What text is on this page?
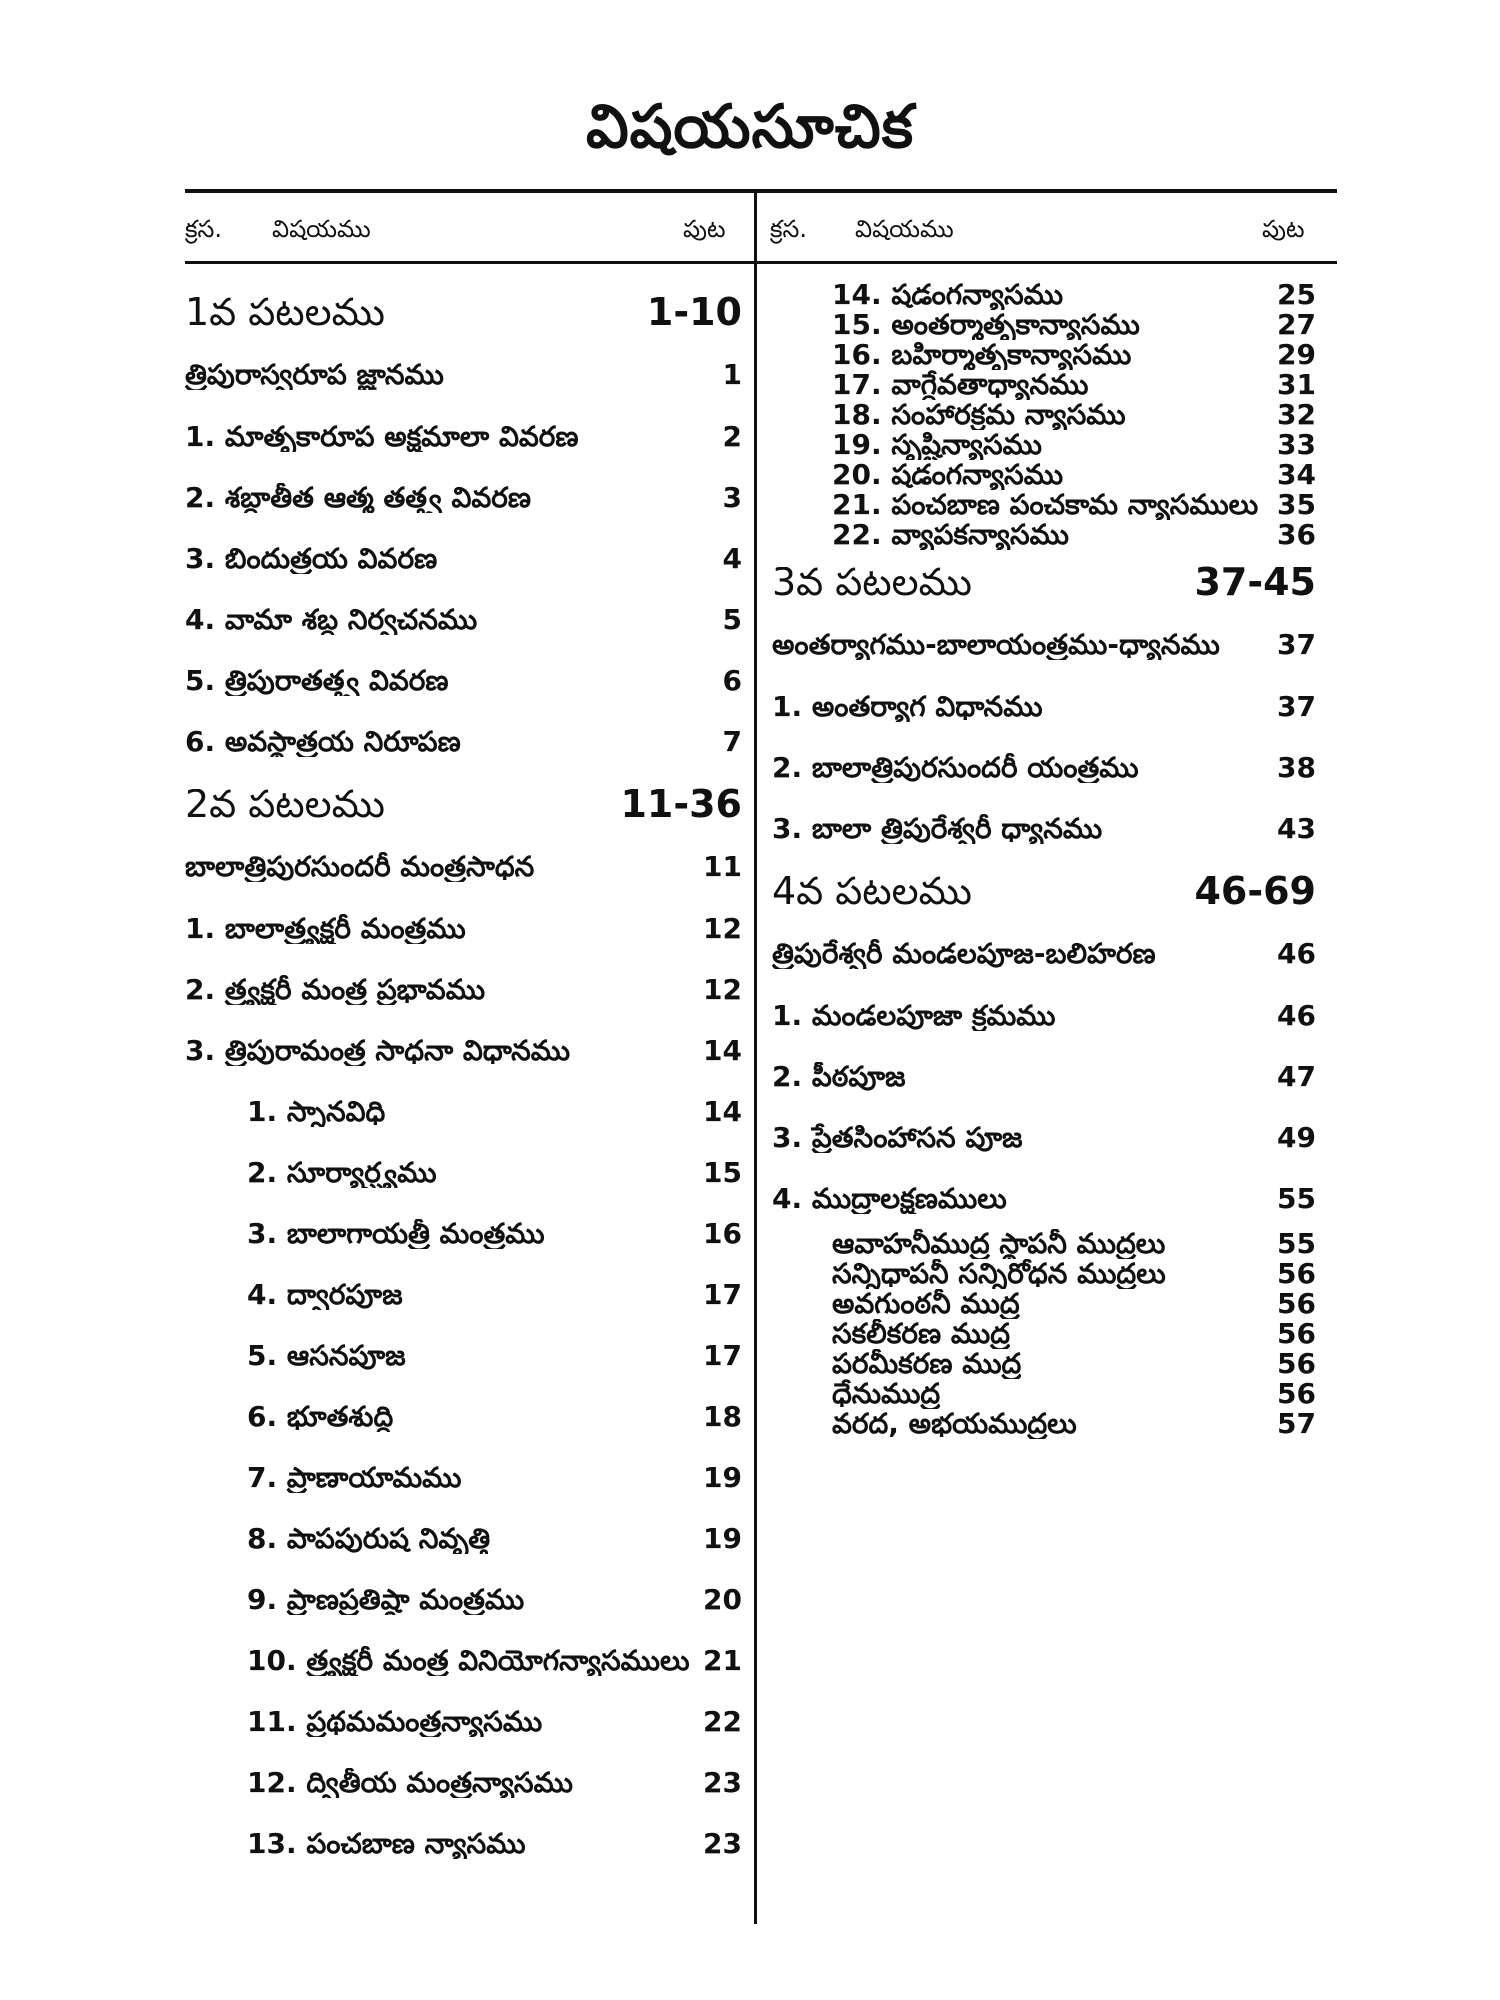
విషయసూచిక
క్రస. విషయము	పుట క్రస. విషయము	పుట
1వ పటలము	1-10
త్రిపురాస్వరూప జ్ఞానము	1
1. మాతృకారూప అక్షమాలా వివరణ	2
2. శబ్దాతీత ఆత్మ తత్త్వ వివరణ	3
3. బిందుత్రయ వివరణ	4
4. వామా శబ్ద నిర్వచనము	5
5. త్రిపురాతత్త్వ వివరణ	6
6. అవస్థాత్రయ నిరూపణ	7
2వ పటలము	11-36
బాలాత్రిపురసుందరీ మంత్రసాధన	11
1. బాలాత్ర్యక్షరీ మంత్రము	12
2. త్ర్యక్షరీ మంత్ర ప్రభావము	12
3. త్రిపురామంత్ర సాధనా విధానము	14
1. స్నానవిధి	14
2. సూర్యార్ఘ్యము	15
3. బాలాగాయత్రీ మంత్రము	16
4. ద్వారపూజ	17
5. ఆసనపూజ	17
6. భూతశుద్ధి	18
7. ప్రాణాయామము	19
8. పాపపురుష నివృత్తి	19
9. ప్రాణప్రతిష్ఠా మంత్రము	20
10. త్ర్యక్షరీ మంత్ర వినియోగన్యాసములు 21
11. ప్రథమమంత్రన్యాసము	22
12. ద్వితీయ మంత్రన్యాసము	23
13. పంచబాణ న్యాసము	23
14. షడంగన్యాసము	25
15. అంతర్మాతృకాన్యాసము	27
16. బహిర్మాతృకాన్యాసము	29
17. వాగ్దేవతాధ్యానము	31
18. సంహారక్రమ న్యాసము	32
19. సృష్టిన్యాసము	33
20. షడంగన్యాసము	34
21. పంచబాణ పంచకామ న్యాసములు 35
22. వ్యాపకన్యాసము	36
3వ పటలము	37-45
అంతర్యాగము-బాలాయంత్రము-ధ్యానము 37
1. అంతర్యాగ విధానము	37
2. బాలాత్రిపురసుందరీ యంత్రము	38
3. బాలా త్రిపురేశ్వరీ ధ్యానము	43
4వ పటలము	46-69
త్రిపురేశ్వరీ మండలపూజ-బలిహరణ	46
1. మండలపూజా క్రమము	46
2. పీఠపూజ	47
3. ప్రేతసింహాసన పూజ	49
4. ముద్రాలక్షణములు	55
ఆవాహనీముద్ర స్థాపనీ ముద్రలు	55
సన్నిధాపనీ సన్నిరోధన ముద్రలు	56
అవగుంఠనీ ముద్ర	56
సకలీకరణ ముద్ర	56
పరమీకరణ ముద్ర	56
ధేనుముద్ర	56
వరద, అభయముద్రలు	57
